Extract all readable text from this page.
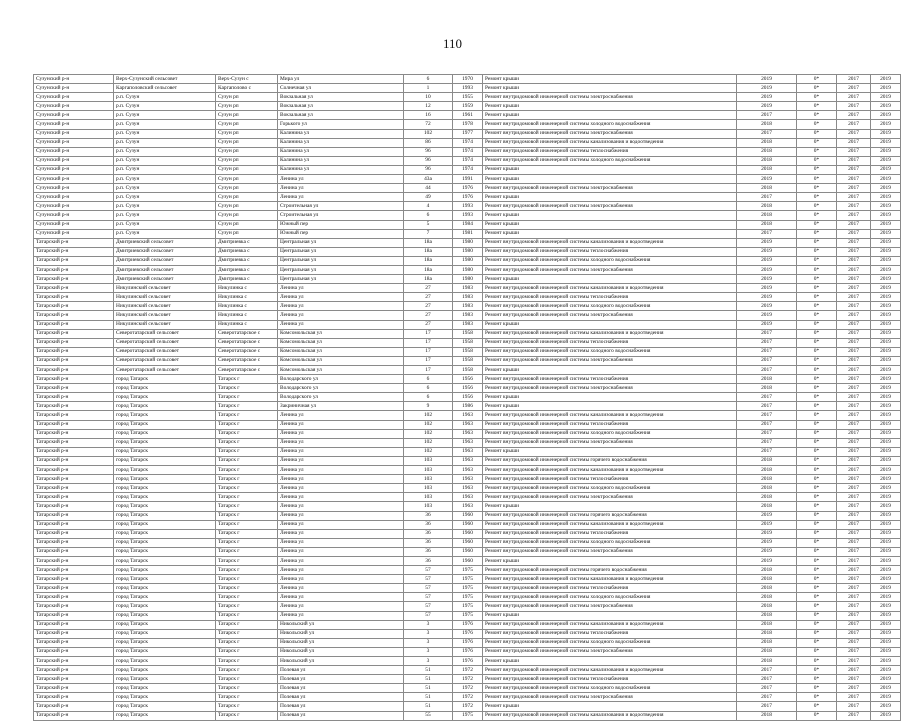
110
Сузунский р-н	Верх-Сузунский сельсовет	Верх-Сузун с	Мира ул	6	1970	Ремонт крыши	2019	0*	2017	2019
Сузунский р-н	Каргаполовский сельсовет	Каргаполово с	Солнечная ул	1	1993	Ремонт крыши	2019	0*	2017	2019
Сузунский р-н	р.п. Сузун	Сузун рп	Вокзальная ул	10	1955	Ремонт внутридомовой инженерной системы электроснабжения	2019	0*	2017	2019
Сузунский р-н	р.п. Сузун	Сузун рп	Вокзальная ул	12	1959	Ремонт крыши	2019	0*	2017	2019
Сузунский р-н	р.п. Сузун	Сузун рп	Вокзальная ул	16	1961	Ремонт крыши	2017	0*	2017	2019
Сузунский р-н	р.п. Сузун	Сузун рп	Горького ул	72	1978	Ремонт внутридомовой инженерной системы холодного водоснабжения	2018	0*	2017	2019
Сузунский р-н	р.п. Сузун	Сузун рп	Калинина ул	102	1977	Ремонт внутридомовой инженерной системы электроснабжения	2017	0*	2017	2019
Сузунский р-н	р.п. Сузун	Сузун рп	Калинина ул	86	1974	Ремонт внутридомовой инженерной системы канализования и водоотведения	2018	0*	2017	2019
Сузунский р-н	р.п. Сузун	Сузун рп	Калинина ул	96	1974	Ремонт внутридомовой инженерной системы теплоснабжения	2018	0*	2017	2019
Сузунский р-н	р.п. Сузун	Сузун рп	Калинина ул	96	1974	Ремонт внутридомовой инженерной системы холодного водоснабжения	2018	0*	2017	2019
Сузунский р-н	р.п. Сузун	Сузун рп	Калинина ул	96	1974	Ремонт крыши	2018	0*	2017	2019
Сузунский р-н	р.п. Сузун	Сузун рп	Ленина ул	43а	1991	Ремонт крыши	2019	0*	2017	2019
Сузунский р-н	р.п. Сузун	Сузун рп	Ленина ул	44	1976	Ремонт внутридомовой инженерной системы электроснабжения	2018	0*	2017	2019
Сузунский р-н	р.п. Сузун	Сузун рп	Ленина ул	49	1976	Ремонт крыши	2017	0*	2017	2019
Сузунский р-н	р.п. Сузун	Сузун рп	Строительная ул	4	1993	Ремонт внутридомовой инженерной системы электроснабжения	2018	0*	2017	2019
Сузунский р-н	р.п. Сузун	Сузун рп	Строительная ул	6	1993	Ремонт крыши	2018	0*	2017	2019
Сузунский р-н	р.п. Сузун	Сузун рп	Южный пер	5	1984	Ремонт крыши	2018	0*	2017	2019
Сузунский р-н	р.п. Сузун	Сузун рп	Южный пер	7	1981	Ремонт крыши	2017	0*	2017	2019
Татарский р-н	Дмитриевский сельсовет	Дмитриевка с	Центральная ул	18а	1980	Ремонт внутридомовой инженерной системы канализования и водоотведения	2019	0*	2017	2019
Татарский р-н	Дмитриевский сельсовет	Дмитриевка с	Центральная ул	18а	1980	Ремонт внутридомовой инженерной системы теплоснабжения	2019	0*	2017	2019
Татарский р-н	Дмитриевский сельсовет	Дмитриевка с	Центральная ул	18а	1980	Ремонт внутридомовой инженерной системы холодного водоснабжения	2019	0*	2017	2019
Татарский р-н	Дмитриевский сельсовет	Дмитриевка с	Центральная ул	18а	1980	Ремонт внутридомовой инженерной системы электроснабжения	2019	0*	2017	2019
Татарский р-н	Дмитриевский сельсовет	Дмитриевка с	Центральная ул	18а	1980	Ремонт крыши	2019	0*	2017	2019
Татарский р-н	Никулинский сельсовет	Никулинка с	Ленина ул	27	1983	Ремонт внутридомовой инженерной системы канализования и водоотведения	2019	0*	2017	2019
Татарский р-н	Никулинский сельсовет	Никулинка с	Ленина ул	27	1983	Ремонт внутридомовой инженерной системы теплоснабжения	2019	0*	2017	2019
Татарский р-н	Никулинский сельсовет	Никулинка с	Ленина ул	27	1983	Ремонт внутридомовой инженерной системы холодного водоснабжения	2019	0*	2017	2019
Татарский р-н	Никулинский сельсовет	Никулинка с	Ленина ул	27	1983	Ремонт внутридомовой инженерной системы электроснабжения	2019	0*	2017	2019
Татарский р-н	Никулинский сельсовет	Никулинка с	Ленина ул	27	1983	Ремонт крыши	2019	0*	2017	2019
Татарский р-н	Северотатарский сельсовет	Северотатарское с	Комсомольская ул	17	1958	Ремонт внутридомовой инженерной системы канализования и водоотведения	2017	0*	2017	2019
Татарский р-н	Северотатарский сельсовет	Северотатарское с	Комсомольская ул	17	1958	Ремонт внутридомовой инженерной системы теплоснабжения	2017	0*	2017	2019
Татарский р-н	Северотатарский сельсовет	Северотатарское с	Комсомольская ул	17	1958	Ремонт внутридомовой инженерной системы холодного водоснабжения	2017	0*	2017	2019
Татарский р-н	Северотатарский сельсовет	Северотатарское с	Комсомольская ул	17	1958	Ремонт внутридомовой инженерной системы электроснабжения	2017	0*	2017	2019
Татарский р-н	Северотатарский сельсовет	Северотатарское с	Комсомольская ул	17	1958	Ремонт крыши	2017	0*	2017	2019
Татарский р-н	город Татарск	Татарск г	Володарского ул	6	1956	Ремонт внутридомовой инженерной системы теплоснабжения	2018	0*	2017	2019
Татарский р-н	город Татарск	Татарск г	Володарского ул	6	1956	Ремонт внутридомовой инженерной системы электроснабжения	2018	0*	2017	2019
Татарский р-н	город Татарск	Татарск г	Володарского ул	6	1956	Ремонт крыши	2017	0*	2017	2019
Татарский р-н	город Татарск	Татарск г	Закриничная ул	9	1986	Ремонт крыши	2017	0*	2017	2019
Татарский р-н	город Татарск	Татарск г	Ленина ул	102	1963	Ремонт внутридомовой инженерной системы канализования и водоотведения	2017	0*	2017	2019
Татарский р-н	город Татарск	Татарск г	Ленина ул	102	1963	Ремонт внутридомовой инженерной системы теплоснабжения	2017	0*	2017	2019
Татарский р-н	город Татарск	Татарск г	Ленина ул	102	1963	Ремонт внутридомовой инженерной системы холодного водоснабжения	2017	0*	2017	2019
Татарский р-н	город Татарск	Татарск г	Ленина ул	102	1963	Ремонт внутридомовой инженерной системы электроснабжения	2017	0*	2017	2019
Татарский р-н	город Татарск	Татарск г	Ленина ул	102	1963	Ремонт крыши	2017	0*	2017	2019
Татарский р-н	город Татарск	Татарск г	Ленина ул	103	1963	Ремонт внутридомовой инженерной системы горячего водоснабжения	2018	0*	2017	2019
Татарский р-н	город Татарск	Татарск г	Ленина ул	103	1963	Ремонт внутридомовой инженерной системы канализования и водоотведения	2018	0*	2017	2019
Татарский р-н	город Татарск	Татарск г	Ленина ул	103	1963	Ремонт внутридомовой инженерной системы теплоснабжения	2018	0*	2017	2019
Татарский р-н	город Татарск	Татарск г	Ленина ул	103	1963	Ремонт внутридомовой инженерной системы холодного водоснабжения	2018	0*	2017	2019
Татарский р-н	город Татарск	Татарск г	Ленина ул	103	1963	Ремонт внутридомовой инженерной системы электроснабжения	2018	0*	2017	2019
Татарский р-н	город Татарск	Татарск г	Ленина ул	103	1963	Ремонт крыши	2018	0*	2017	2019
Татарский р-н	город Татарск	Татарск г	Ленина ул	36	1960	Ремонт внутридомовой инженерной системы горячего водоснабжения	2019	0*	2017	2019
Татарский р-н	город Татарск	Татарск г	Ленина ул	36	1960	Ремонт внутридомовой инженерной системы канализования и водоотведения	2019	0*	2017	2019
Татарский р-н	город Татарск	Татарск г	Ленина ул	36	1960	Ремонт внутридомовой инженерной системы теплоснабжения	2019	0*	2017	2019
Татарский р-н	город Татарск	Татарск г	Ленина ул	36	1960	Ремонт внутридомовой инженерной системы холодного водоснабжения	2019	0*	2017	2019
Татарский р-н	город Татарск	Татарск г	Ленина ул	36	1960	Ремонт внутридомовой инженерной системы электроснабжения	2019	0*	2017	2019
Татарский р-н	город Татарск	Татарск г	Ленина ул	36	1960	Ремонт крыши	2019	0*	2017	2019
Татарский р-н	город Татарск	Татарск г	Ленина ул	57	1975	Ремонт внутридомовой инженерной системы горячего водоснабжения	2018	0*	2017	2019
Татарский р-н	город Татарск	Татарск г	Ленина ул	57	1975	Ремонт внутридомовой инженерной системы канализования и водоотведения	2018	0*	2017	2019
Татарский р-н	город Татарск	Татарск г	Ленина ул	57	1975	Ремонт внутридомовой инженерной системы теплоснабжения	2018	0*	2017	2019
Татарский р-н	город Татарск	Татарск г	Ленина ул	57	1975	Ремонт внутридомовой инженерной системы холодного водоснабжения	2018	0*	2017	2019
Татарский р-н	город Татарск	Татарск г	Ленина ул	57	1975	Ремонт внутридомовой инженерной системы электроснабжения	2018	0*	2017	2019
Татарский р-н	город Татарск	Татарск г	Ленина ул	57	1975	Ремонт крыши	2018	0*	2017	2019
Татарский р-н	город Татарск	Татарск г	Никольский ул	3	1976	Ремонт внутридомовой инженерной системы канализования и водоотведения	2018	0*	2017	2019
Татарский р-н	город Татарск	Татарск г	Никольский ул	3	1976	Ремонт внутридомовой инженерной системы теплоснабжения	2018	0*	2017	2019
Татарский р-н	город Татарск	Татарск г	Никольский ул	3	1976	Ремонт внутридомовой инженерной системы холодного водоснабжения	2018	0*	2017	2019
Татарский р-н	город Татарск	Татарск г	Никольский ул	3	1976	Ремонт внутридомовой инженерной системы электроснабжения	2018	0*	2017	2019
Татарский р-н	город Татарск	Татарск г	Никольский ул	3	1976	Ремонт крыши	2018	0*	2017	2019
Татарский р-н	город Татарск	Татарск г	Полевая ул	51	1972	Ремонт внутридомовой инженерной системы канализования и водоотведения	2017	0*	2017	2019
Татарский р-н	город Татарск	Татарск г	Полевая ул	51	1972	Ремонт внутридомовой инженерной системы теплоснабжения	2017	0*	2017	2019
Татарский р-н	город Татарск	Татарск г	Полевая ул	51	1972	Ремонт внутридомовой инженерной системы холодного водоснабжения	2017	0*	2017	2019
Татарский р-н	город Татарск	Татарск г	Полевая ул	51	1972	Ремонт внутридомовой инженерной системы электроснабжения	2017	0*	2017	2019
Татарский р-н	город Татарск	Татарск г	Полевая ул	51	1972	Ремонт крыши	2017	0*	2017	2019
Татарский р-н	город Татарск	Татарск г	Полевая ул	55	1975	Ремонт внутридомовой инженерной системы канализования и водоотведения	2018	0*	2017	2019
